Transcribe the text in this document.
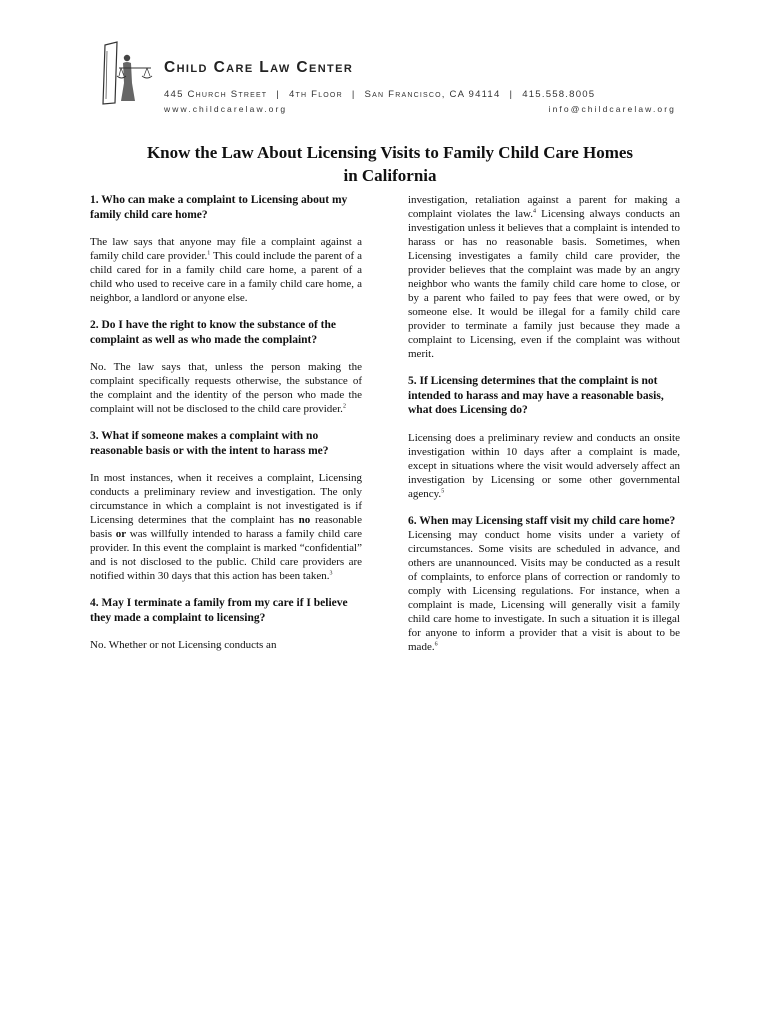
Child Care Law Center
445 Church Street | 4th Floor | San Francisco, CA 94114 | 415.558.8005
www.childcarelaw.org	info@childcarelaw.org
Know the Law About Licensing Visits to Family Child Care Homes
in California

1. Who can make a complaint to Licensing about my family child care home?

The law says that anyone may file a complaint against a family child care provider.$^1$ This could include the parent of a child cared for in a family child care home, a parent of a child who used to receive care in a family child care home, a neighbor, a landlord or anyone else.

2. Do I have the right to know the substance of the complaint as well as who made the complaint?

No. The law says that, unless the person making the complaint specifically requests otherwise, the substance of the complaint and the identity of the person who made the complaint will not be disclosed to the child care provider.$^2$

3. What if someone makes a complaint with no reasonable basis or with the intent to harass me?

In most instances, when it receives a complaint, Licensing conducts a preliminary review and investigation. The only circumstance in which a complaint is not investigated is if Licensing determines that the complaint has no reasonable basis or was willfully intended to harass a family child care provider. In this event the complaint is marked “confidential” and is not disclosed to the public. Child care providers are notified within 30 days that this action has been taken.$^3$

4. May I terminate a family from my care if I believe they made a complaint to licensing?

No. Whether or not Licensing conducts an

investigation, retaliation against a parent for making a complaint violates the law.$^4$ Licensing always conducts an investigation unless it believes that a complaint is intended to harass or has no reasonable basis. Sometimes, when Licensing investigates a family child care provider, the provider believes that the complaint was made by an angry neighbor who wants the family child care home to close, or by a parent who failed to pay fees that were owed, or by someone else. It would be illegal for a family child care provider to terminate a family just because they made a complaint to Licensing, even if the complaint was without merit.

5. If Licensing determines that the complaint is not intended to harass and may have a reasonable basis, what does Licensing do?

Licensing does a preliminary review and conducts an onsite investigation within 10 days after a complaint is made, except in situations where the visit would adversely affect an investigation by Licensing or some other governmental agency.$^5$

6. When may Licensing staff visit my child care home?

Licensing may conduct home visits under a variety of circumstances. Some visits are scheduled in advance, and others are unannounced. Visits may be conducted as a result of complaints, to enforce plans of correction or randomly to comply with Licensing regulations. For instance, when a complaint is made, Licensing will generally visit a family child care home to investigate. In such a situation it is illegal for anyone to inform a provider that a visit is about to be made.$^6$
